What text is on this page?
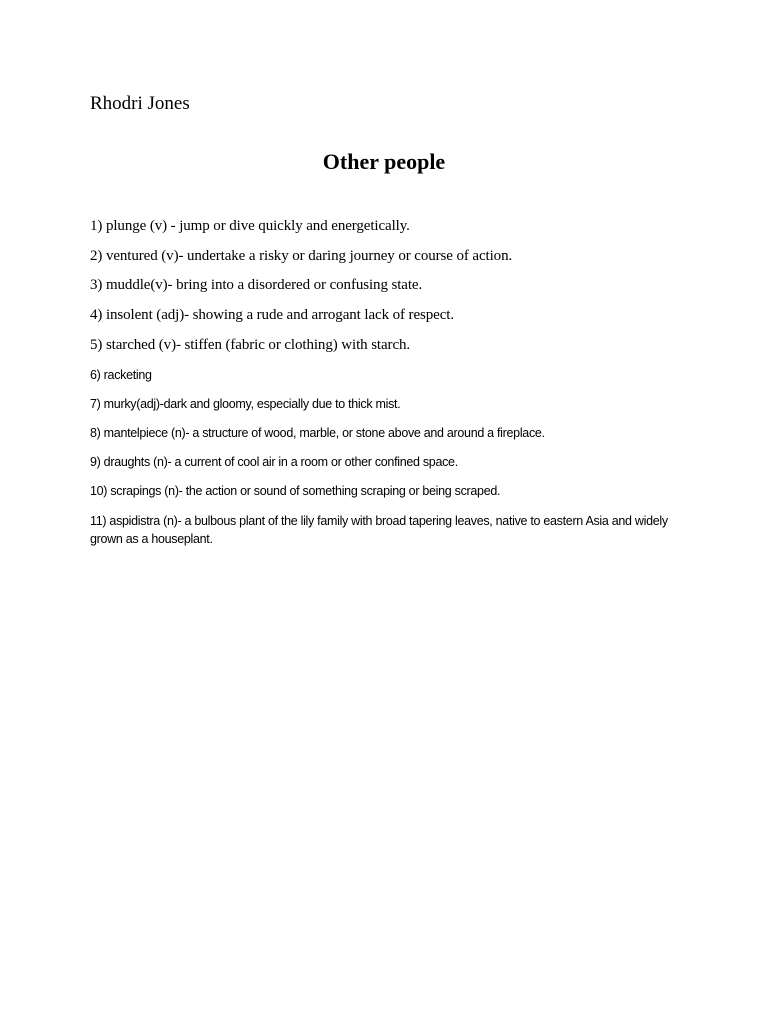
Rhodri Jones

Other people
1) plunge (v) - jump or dive quickly and energetically.
2) ventured (v)- undertake a risky or daring journey or course of action.
3) muddle(v)- bring into a disordered or confusing state.
4) insolent (adj)- showing a rude and arrogant lack of respect.
5) starched (v)- stiffen (fabric or clothing) with starch.
6) racketing
7) murky(adj)-dark and gloomy, especially due to thick mist.
8) mantelpiece (n)- a structure of wood, marble, or stone above and around a fireplace.
9) draughts (n)- a current of cool air in a room or other confined space.
10) scrapings (n)- the action or sound of something scraping or being scraped.
11) aspidistra (n)- a bulbous plant of the lily family with broad tapering leaves, native to eastern Asia and widely grown as a houseplant.
